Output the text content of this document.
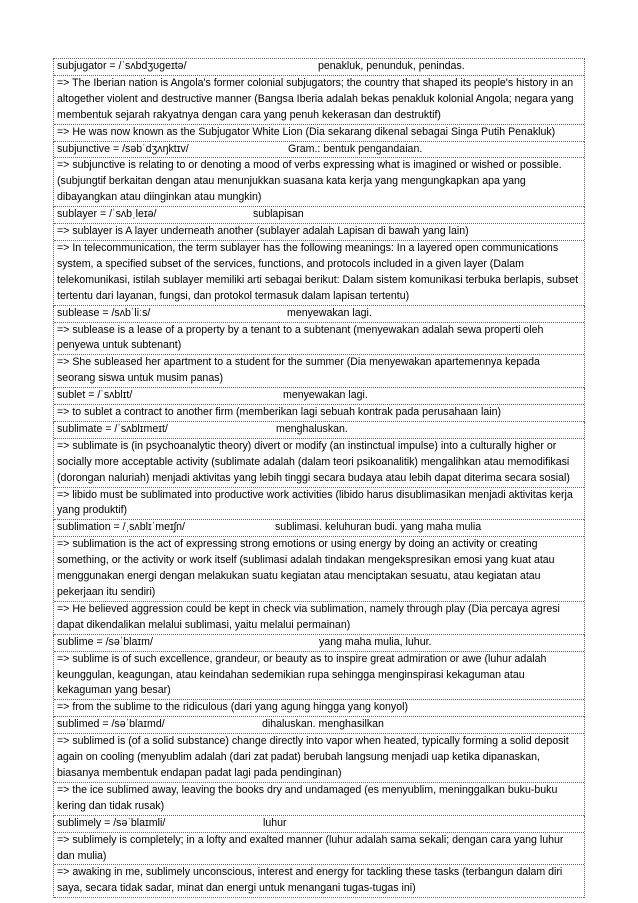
subjugator = /ˈsʌbdʒʊɡeɪtə/	penakluk, penunduk, penindas.
=> The Iberian nation is Angola's former colonial subjugators; the country that shaped its people's history in an altogether violent and destructive manner (Bangsa Iberia adalah bekas penakluk kolonial Angola; negara yang membentuk sejarah rakyatnya dengan cara yang penuh kekerasan dan destruktif)
=> He was now known as the Subjugator White Lion (Dia sekarang dikenal sebagai Singa Putih Penakluk)
subjunctive = /səbˈdʒʌŋktɪv/	Gram.: bentuk pengandaian.
=> subjunctive is relating to or denoting a mood of verbs expressing what is imagined or wished or possible. (subjungtif berkaitan dengan atau menunjukkan suasana kata kerja yang mengungkapkan apa yang dibayangkan atau diinginkan atau mungkin)
sublayer = /ˈsʌbˌleɪə/	sublapisan
=> sublayer is A layer underneath another (sublayer adalah Lapisan di bawah yang lain)
=> In telecommunication, the term sublayer has the following meanings: In a layered open communications system, a specified subset of the services, functions, and protocols included in a given layer (Dalam telekomunikasi, istilah sublayer memiliki arti sebagai berikut: Dalam sistem komunikasi terbuka berlapis, subset tertentu dari layanan, fungsi, dan protokol termasuk dalam lapisan tertentu)
sublease = /sʌbˈliːs/	menyewakan lagi.
=> sublease is a lease of a property by a tenant to a subtenant (menyewakan adalah sewa properti oleh penyewa untuk subtenant)
=> She subleased her apartment to a student for the summer (Dia menyewakan apartemennya kepada seorang siswa untuk musim panas)
sublet = /ˈsʌblɪt/	menyewakan lagi.
=> to sublet a contract to another firm (memberikan lagi sebuah kontrak pada perusahaan lain)
sublimate = /ˈsʌblɪmeɪt/	menghaluskan.
=> sublimate is (in psychoanalytic theory) divert or modify (an instinctual impulse) into a culturally higher or socially more acceptable activity (sublimate adalah (dalam teori psikoanalitik) mengalihkan atau memodifikasi (dorongan naluriah) menjadi aktivitas yang lebih tinggi secara budaya atau lebih dapat diterima secara sosial)
=> libido must be sublimated into productive work activities (libido harus disublimasikan menjadi aktivitas kerja yang produktif)
sublimation = /ˌsʌblɪˈmeɪʃn/	sublimasi. keluhuran budi. yang maha mulia
=> sublimation is the act of expressing strong emotions or using energy by doing an activity or creating something, or the activity or work itself (sublimasi adalah tindakan mengekspresikan emosi yang kuat atau menggunakan energi dengan melakukan suatu kegiatan atau menciptakan sesuatu, atau kegiatan atau pekerjaan itu sendiri)
=> He believed aggression could be kept in check via sublimation, namely through play (Dia percaya agresi dapat dikendalikan melalui sublimasi, yaitu melalui permainan)
sublime = /səˈblaɪm/	yang maha mulia, luhur.
=> sublime is of such excellence, grandeur, or beauty as to inspire great admiration or awe (luhur adalah keunggulan, keagungan, atau keindahan sedemikian rupa sehingga menginspirasi kekaguman atau kekaguman yang besar)
=> from the sublime to the ridiculous (dari yang agung hingga yang konyol)
sublimed = /səˈblaɪmd/	dihaluskan. menghasilkan
=> sublimed is (of a solid substance) change directly into vapor when heated, typically forming a solid deposit again on cooling (menyublim adalah (dari zat padat) berubah langsung menjadi uap ketika dipanaskan, biasanya membentuk endapan padat lagi pada pendinginan)
=> the ice sublimed away, leaving the books dry and undamaged (es menyublim, meninggalkan buku-buku kering dan tidak rusak)
sublimely = /səˈblaɪmli/	luhur
=> sublimely is completely; in a lofty and exalted manner (luhur adalah sama sekali; dengan cara yang luhur dan mulia)
=> awaking in me, sublimely unconscious, interest and energy for tackling these tasks (terbangun dalam diri saya, secara tidak sadar, minat dan energi untuk menangani tugas-tugas ini)
